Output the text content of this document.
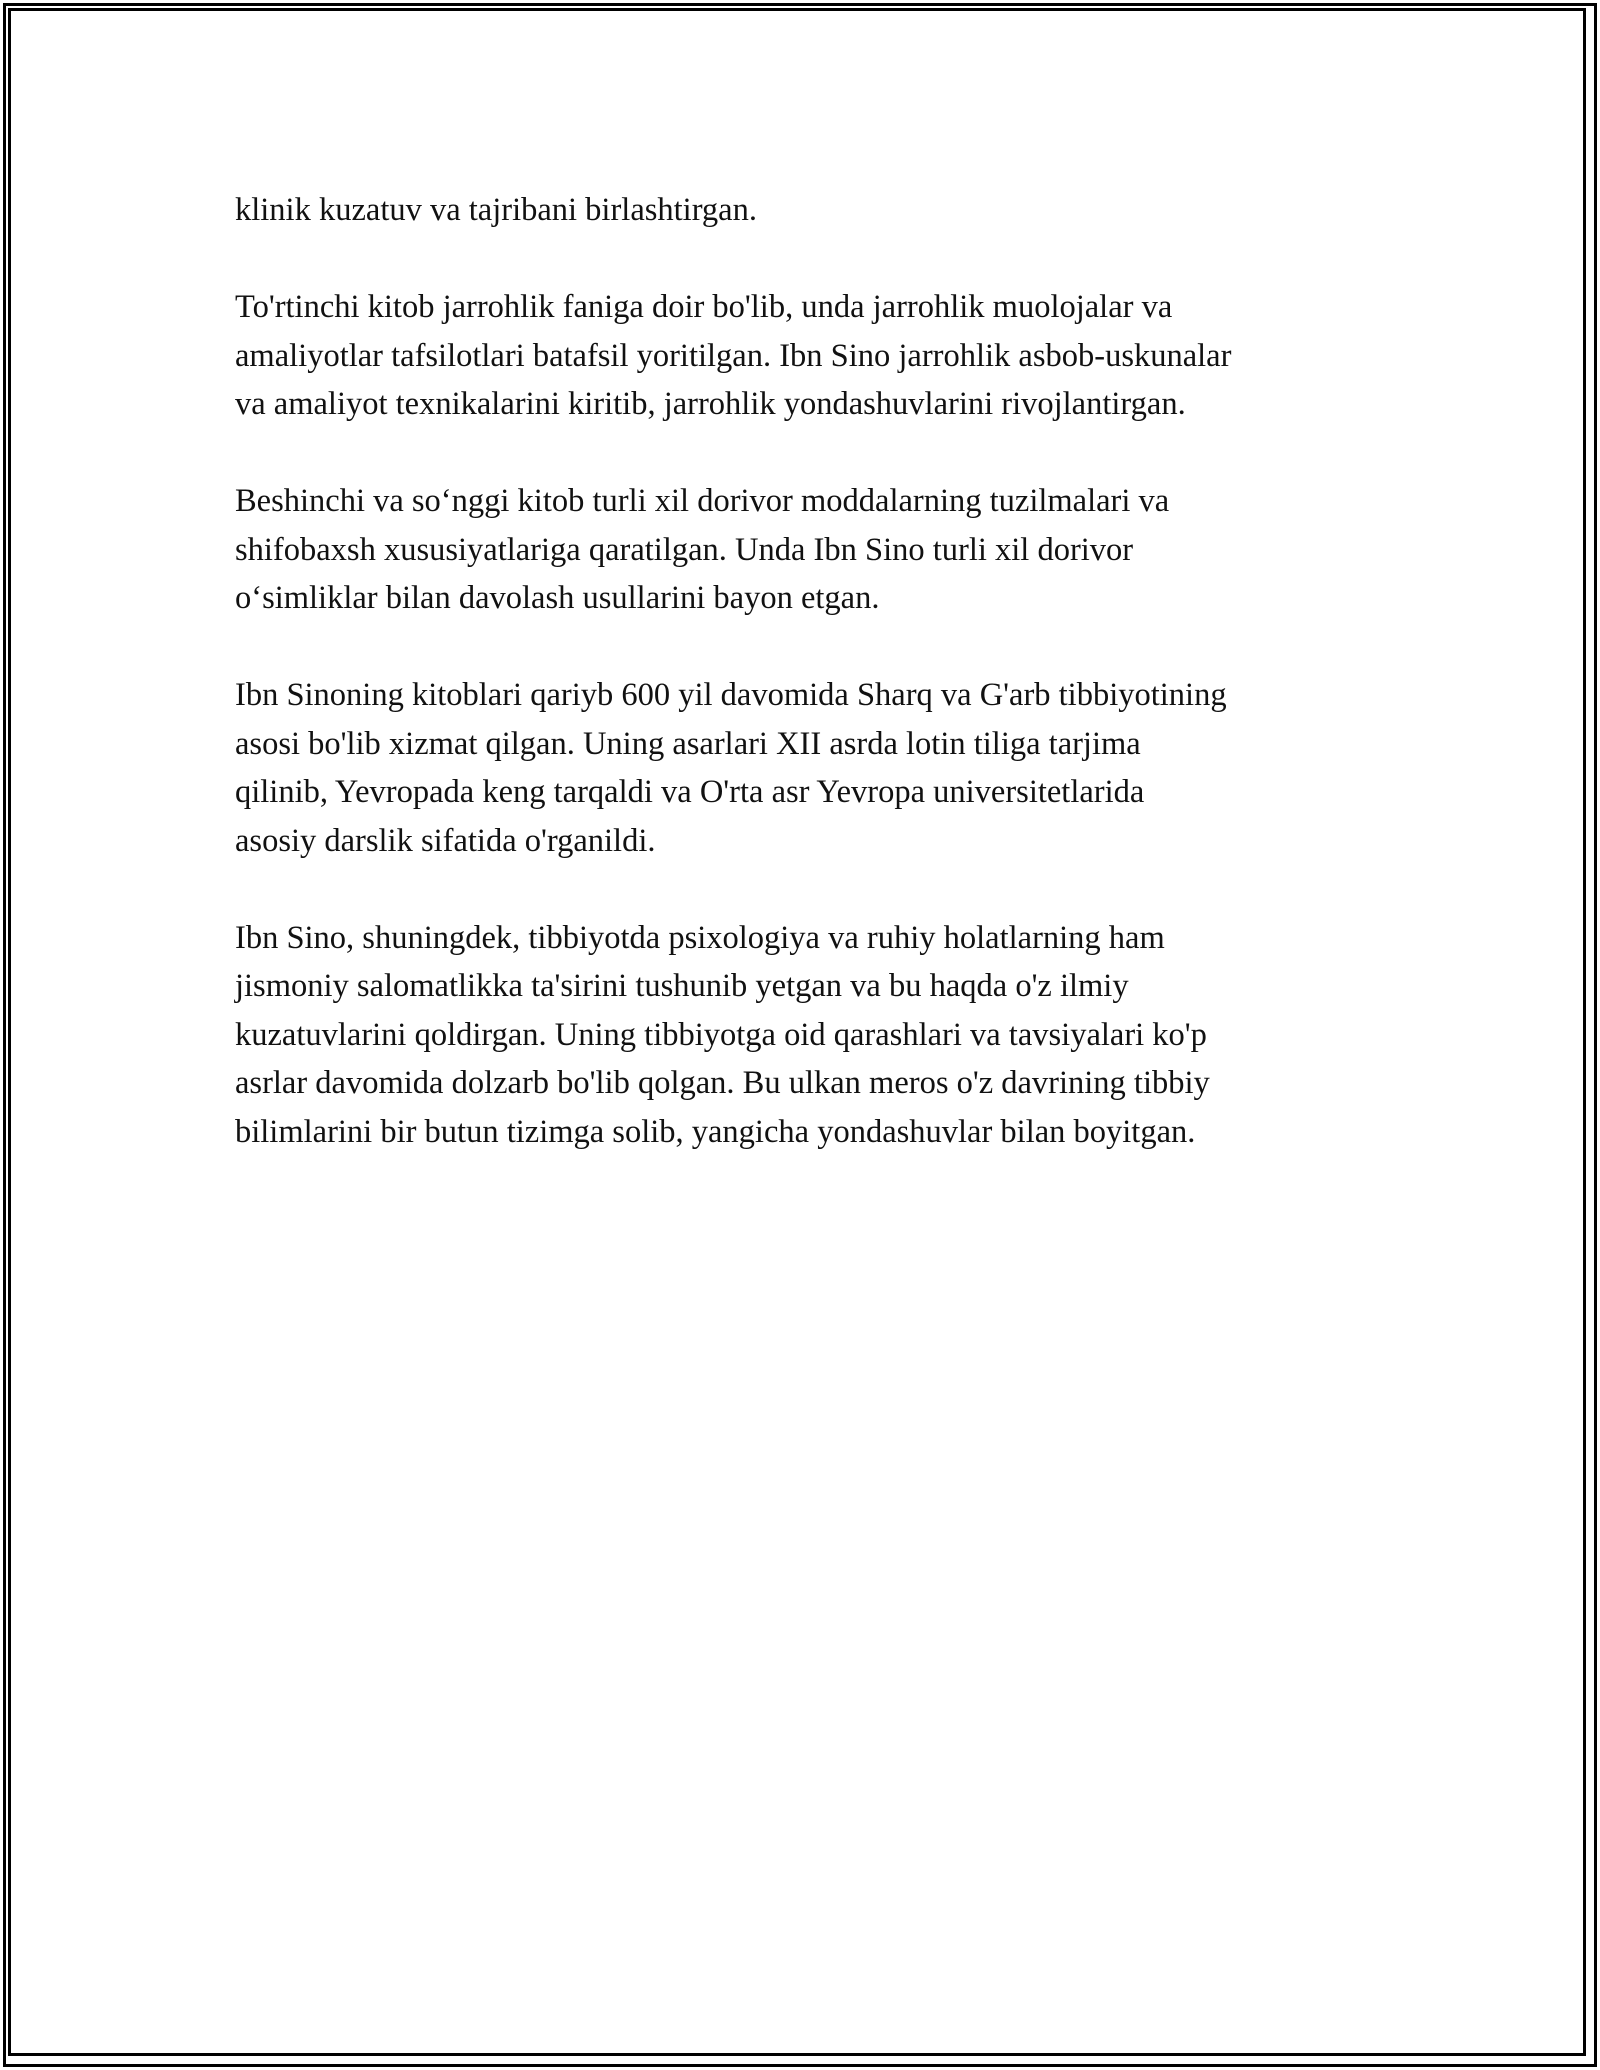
klinik kuzatuv va tajribani birlashtirgan.

To'rtinchi kitob jarrohlik faniga doir bo'lib, unda jarrohlik muolojalar va
amaliyotlar tafsilotlari batafsil yoritilgan. Ibn Sino jarrohlik asbob-uskunalar
va amaliyot texnikalarini kiritib, jarrohlik yondashuvlarini rivojlantirgan.

Beshinchi va so‘nggi kitob turli xil dorivor moddalarning tuzilmalari va
shifobaxsh xususiyatlariga qaratilgan. Unda Ibn Sino turli xil dorivor
o‘simliklar bilan davolash usullarini bayon etgan.

Ibn Sinoning kitoblari qariyb 600 yil davomida Sharq va G'arb tibbiyotining
asosi bo'lib xizmat qilgan. Uning asarlari XII asrda lotin tiliga tarjima
qilinib, Yevropada keng tarqaldi va O'rta asr Yevropa universitetlarida
asosiy darslik sifatida o'rganildi.

Ibn Sino, shuningdek, tibbiyotda psixologiya va ruhiy holatlarning ham
jismoniy salomatlikka ta'sirini tushunib yetgan va bu haqda o'z ilmiy
kuzatuvlarini qoldirgan. Uning tibbiyotga oid qarashlari va tavsiyalari ko'p
asrlar davomida dolzarb bo'lib qolgan. Bu ulkan meros o'z davrining tibbiy
bilimlarini bir butun tizimga solib, yangicha yondashuvlar bilan boyitgan.
